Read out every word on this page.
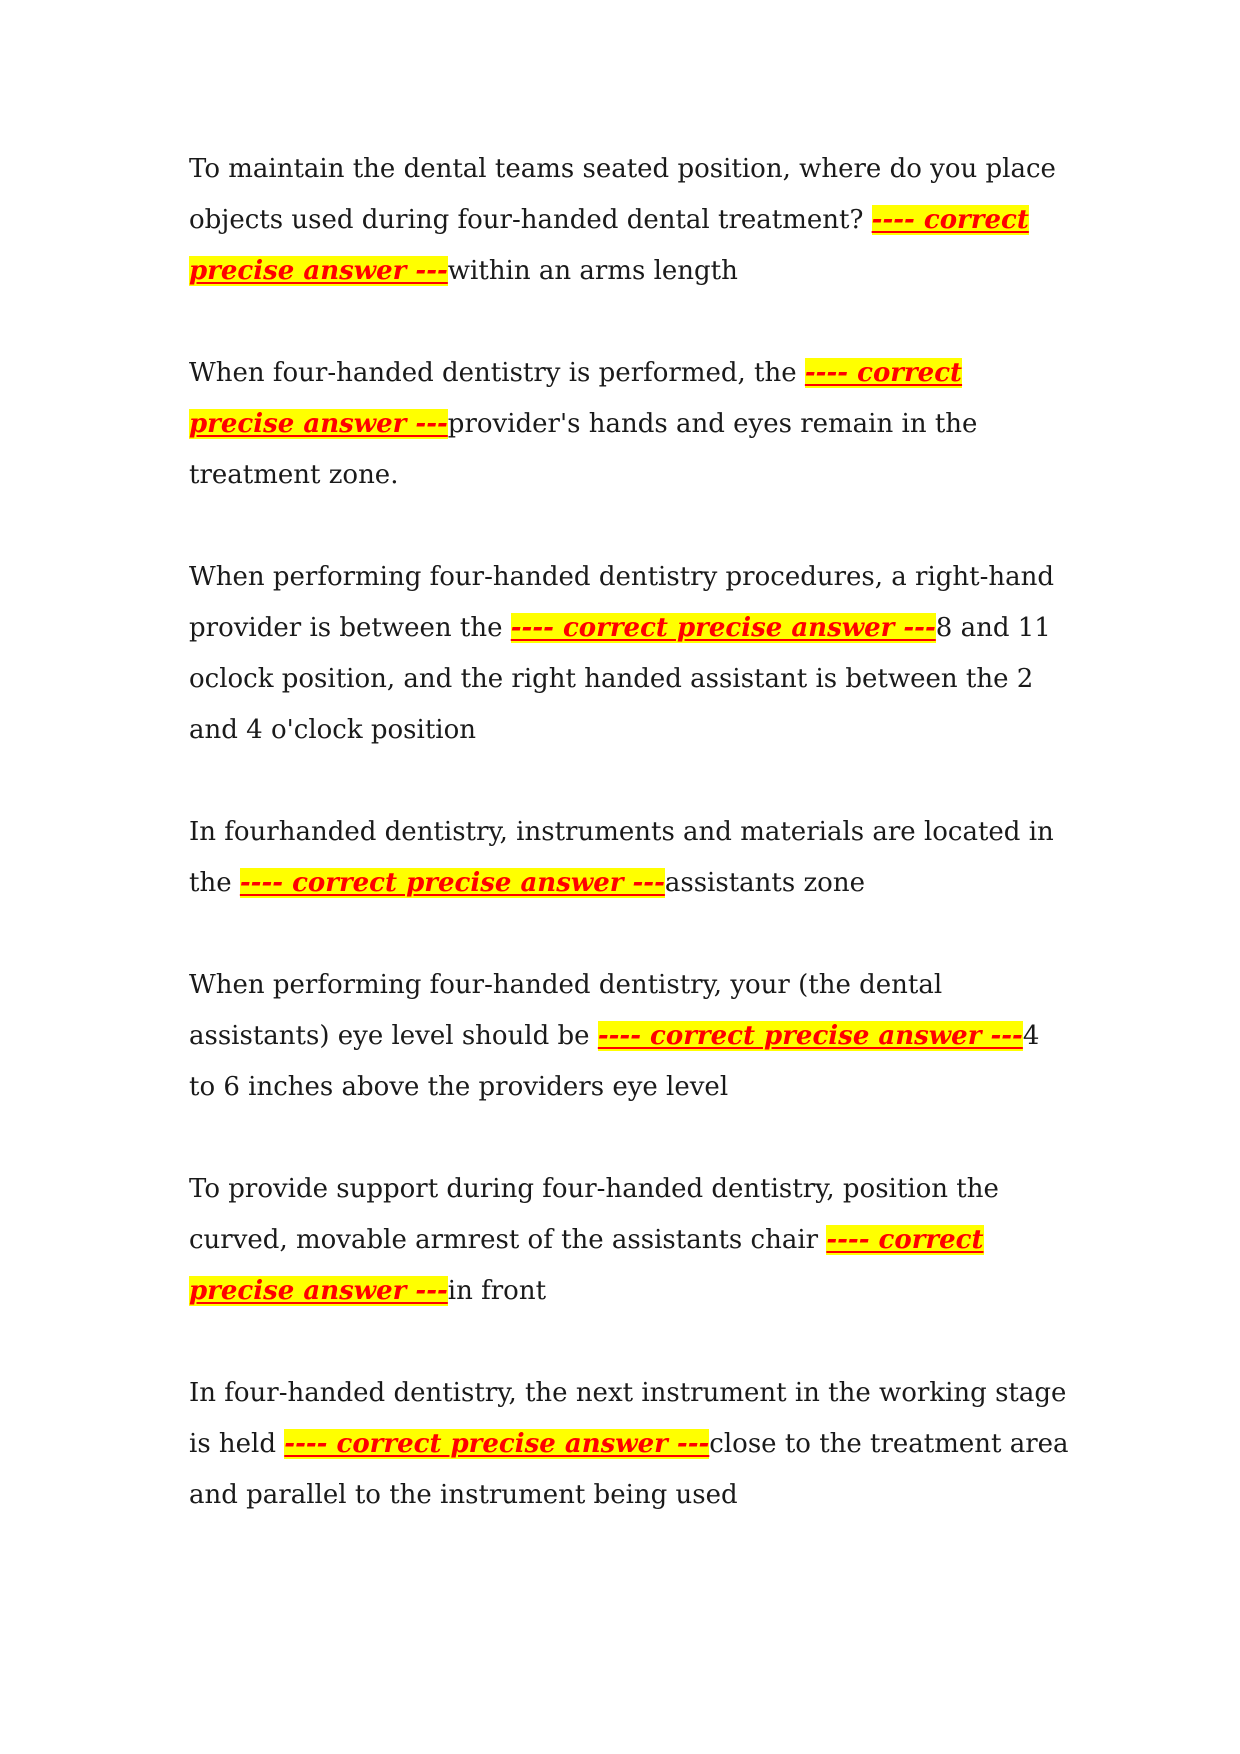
To maintain the dental teams seated position, where do you place objects used during four-handed dental treatment? ---- correct precise answer ---within an arms length

When four-handed dentistry is performed, the ---- correct precise answer ---provider's hands and eyes remain in the treatment zone.

When performing four-handed dentistry procedures, a right-hand provider is between the ---- correct precise answer ---8 and 11 oclock position, and the right handed assistant is between the 2 and 4 o'clock position

In fourhanded dentistry, instruments and materials are located in the ---- correct precise answer ---assistants zone

When performing four-handed dentistry, your (the dental assistants) eye level should be ---- correct precise answer ---4 to 6 inches above the providers eye level

To provide support during four-handed dentistry, position the curved, movable armrest of the assistants chair ---- correct precise answer ---in front

In four-handed dentistry, the next instrument in the working stage is held ---- correct precise answer ---close to the treatment area and parallel to the instrument being used
